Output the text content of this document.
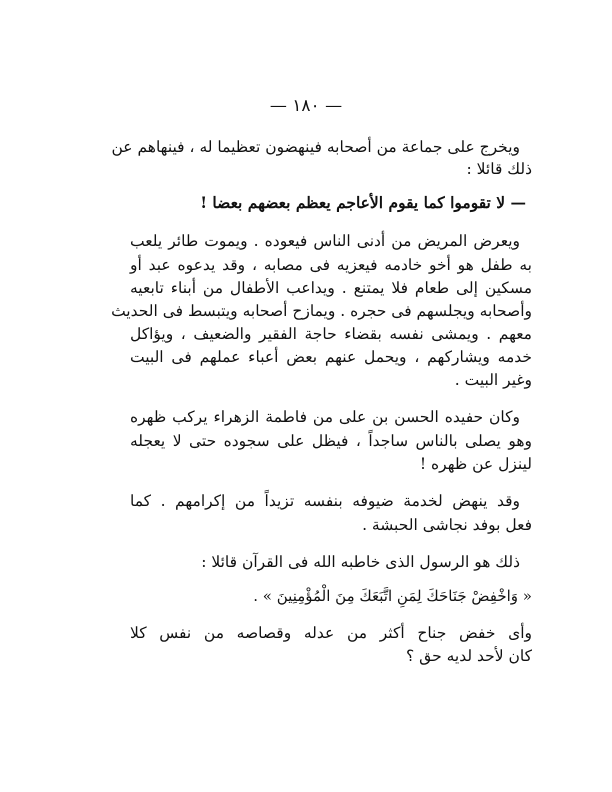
— ١٨٠ —
ويخرج على جماعة من أصحابه فينهضون تعظيما له ، فينهاهم عن
ذلك قائلا :
— لا تقوموا كما يقوم الأعاجم يعظم بعضهم بعضا !
ويعرض المريض من أدنى الناس فيعوده . ويموت طائر يلعب
به طفل هو أخو خادمه فيعزيه فى مصابه ، وقد يدعوه عبد أو
مسكين إلى طعام فلا يمتنع . ويداعب الأطفال من أبناء تابعيه
وأصحابه ويجلسهم فى حجره . ويمازح أصحابه ويتبسط فى الحديث
معهم . ويمشى نفسه بقضاء حاجة الفقير والضعيف ، ويؤاكل
خدمه ويشاركهم ، ويحمل عنهم بعض أعباء عملهم فى البيت
وغير البيت .
وكان حفيده الحسن بن على من فاطمة الزهراء يركب ظهره
وهو يصلى بالناس ساجداً ، فيظل على سجوده حتى لا يعجله
لينزل عن ظهره !
وقد ينهض لخدمة ضيوفه بنفسه تزيداً من إكرامهم . كما
فعل بوفد نجاشى الحبشة .
ذلك هو الرسول الذى خاطبه الله فى القرآن قائلا :
« وَاخْفِضْ جَنَاحَكَ لِمَنِ اتَّبَعَكَ مِنَ الْمُؤْمِنِينَ » .
وأى خفض جناح أكثر من عدله وقصاصه من نفس كلا
كان لأحد لديه حق ؟
